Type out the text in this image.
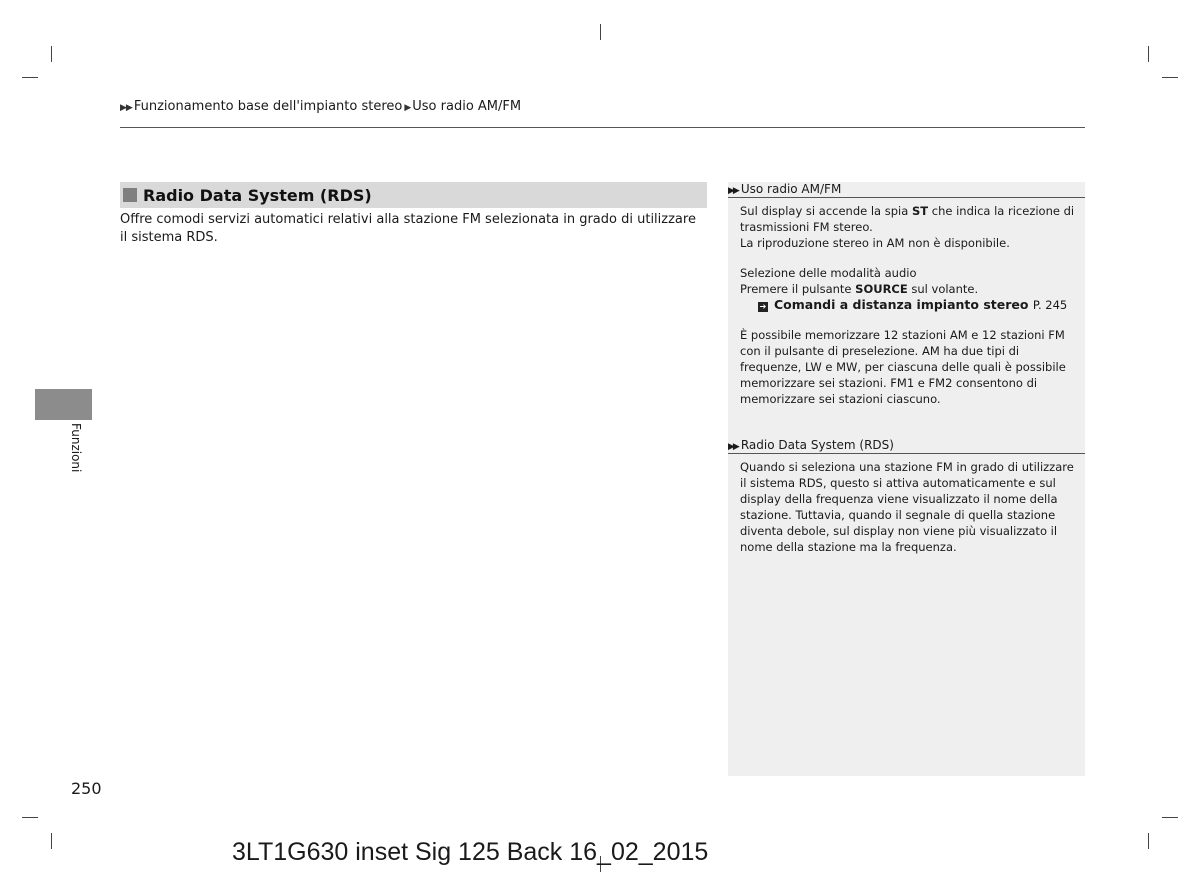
▶▶ Funzionamento base dell'impianto stereo ▶ Uso radio AM/FM
Radio Data System (RDS)
Offre comodi servizi automatici relativi alla stazione FM selezionata in grado di utilizzare il sistema RDS.
▶▶ Uso radio AM/FM

Sul display si accende la spia ST che indica la ricezione di trasmissioni FM stereo.

La riproduzione stereo in AM non è disponibile.

Selezione delle modalità audio

Premere il pulsante SOURCE sul volante.

➔ Comandi a distanza impianto stereo P. 245

È possibile memorizzare 12 stazioni AM e 12 stazioni FM con il pulsante di preselezione. AM ha due tipi di frequenze, LW e MW, per ciascuna delle quali è possibile memorizzare sei stazioni. FM1 e FM2 consentono di memorizzare sei stazioni ciascuno.

▶▶ Radio Data System (RDS)

Quando si seleziona una stazione FM in grado di utilizzare il sistema RDS, questo si attiva automaticamente e sul display della frequenza viene visualizzato il nome della stazione. Tuttavia, quando il segnale di quella stazione diventa debole, sul display non viene più visualizzato il nome della stazione ma la frequenza.

Funzioni
250
3LT1G630 inset Sig 125 Back 16_02_2015
